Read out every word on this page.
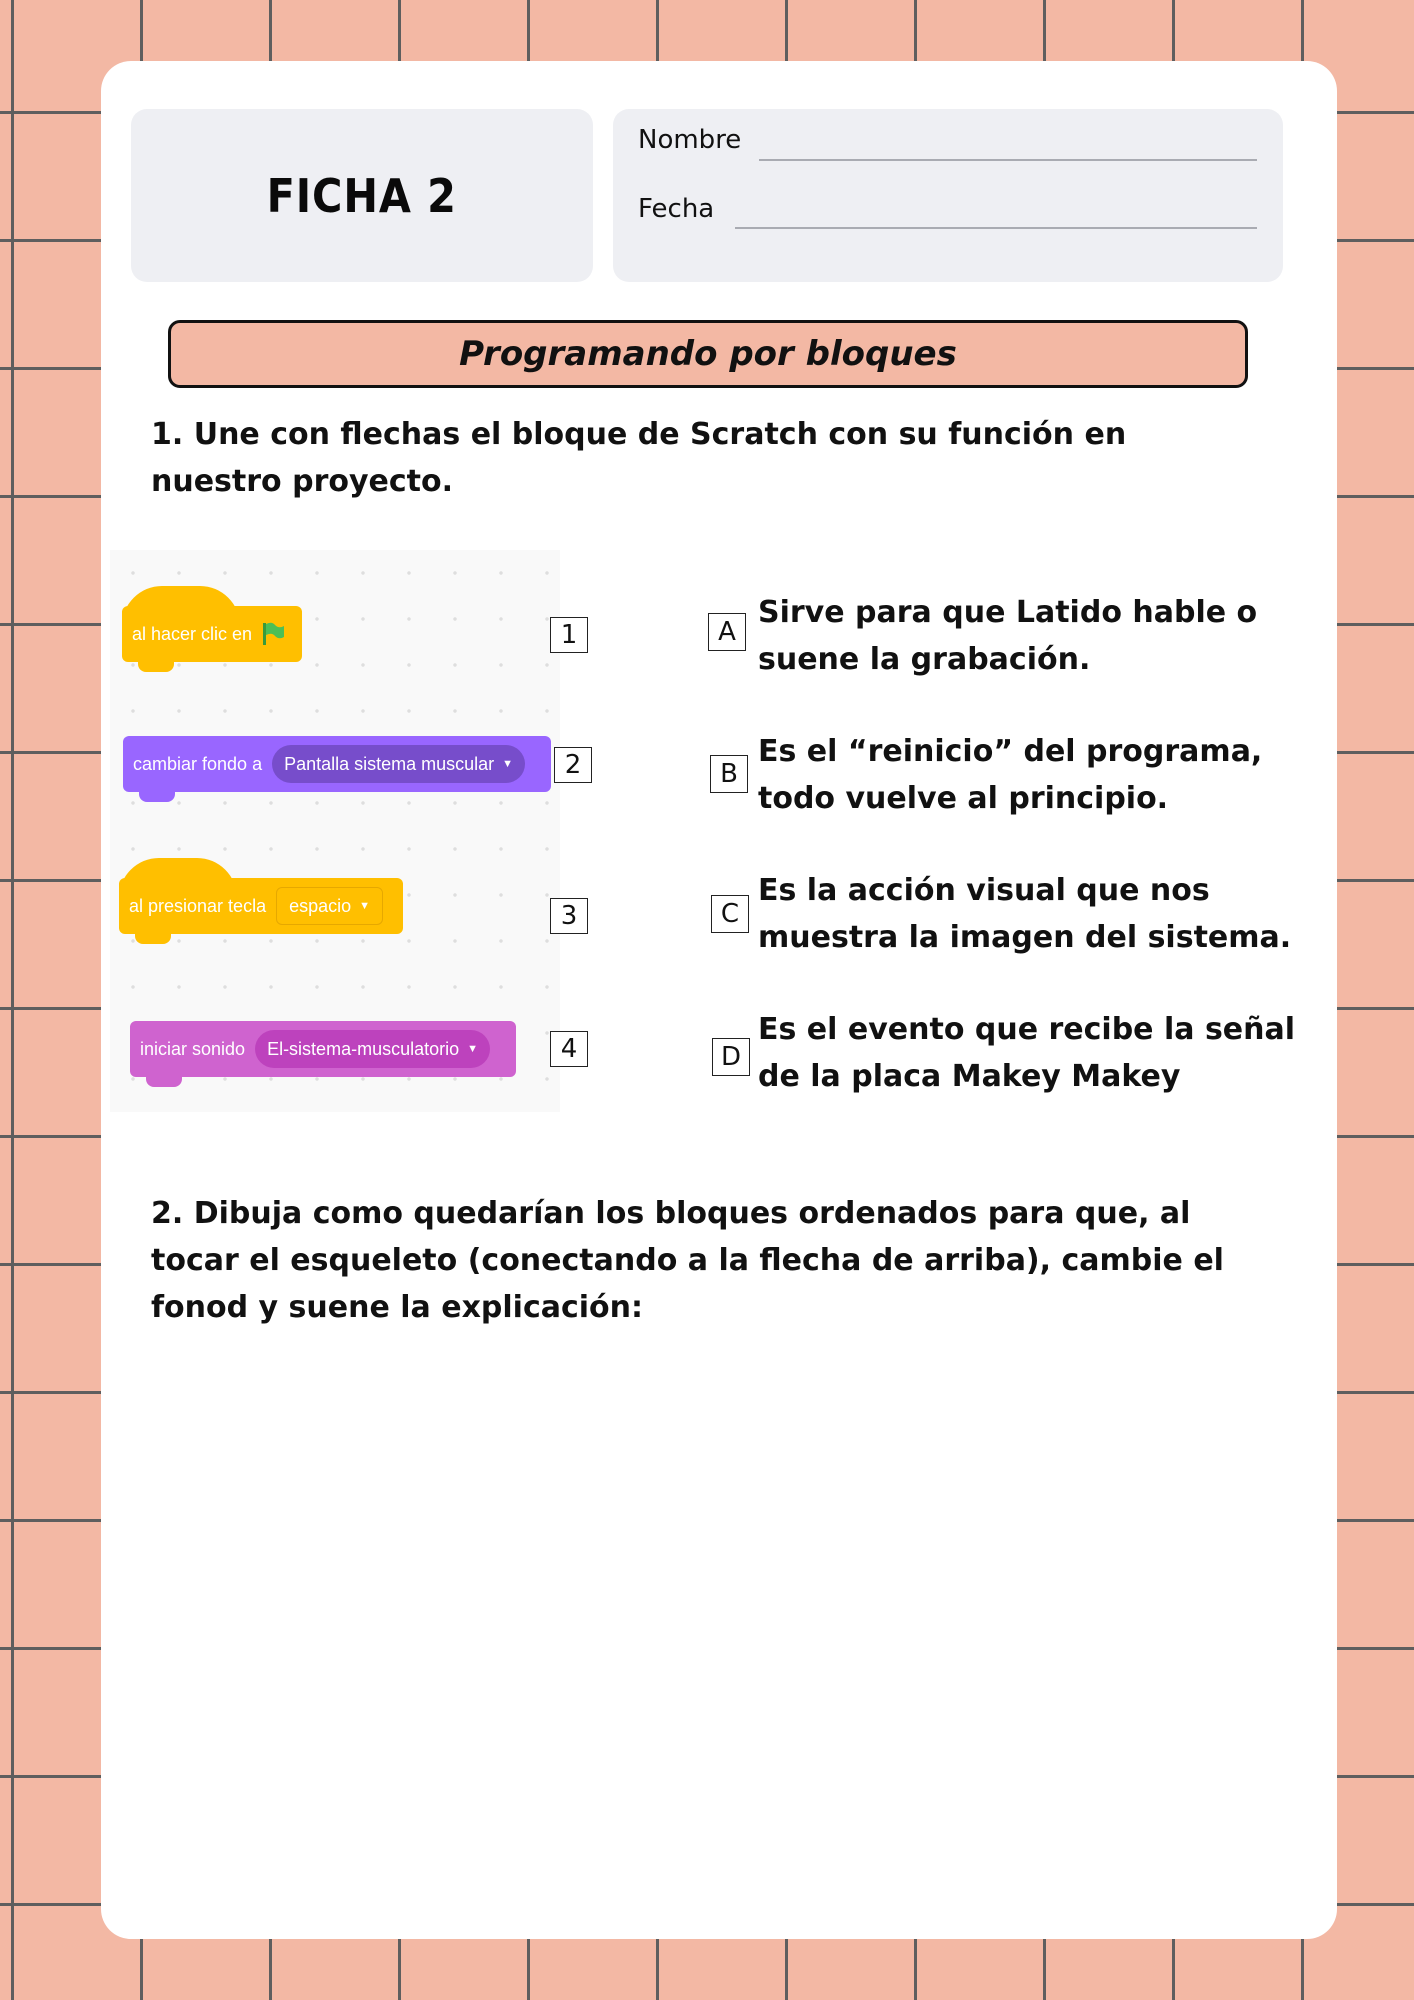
FICHA 2
Nombre
Fecha
Programando por bloques
1. Une con flechas el bloque de Scratch con su función en nuestro proyecto.
al hacer clic en
cambiar fondo a Pantalla sistema muscular ▼
al presionar tecla espacio ▼
iniciar sonido El-sistema-musculatorio ▼
1
2
3
4
A
B
C
D
Sirve para que Latido hable o suene la grabación.
Es el “reinicio” del programa, todo vuelve al principio.
Es la acción visual que nos muestra la imagen del sistema.
Es el evento que recibe la señal de la placa Makey Makey
2. Dibuja como quedarían los bloques ordenados para que, al tocar el esqueleto (conectando a la flecha de arriba), cambie el fonod y suene la explicación:
